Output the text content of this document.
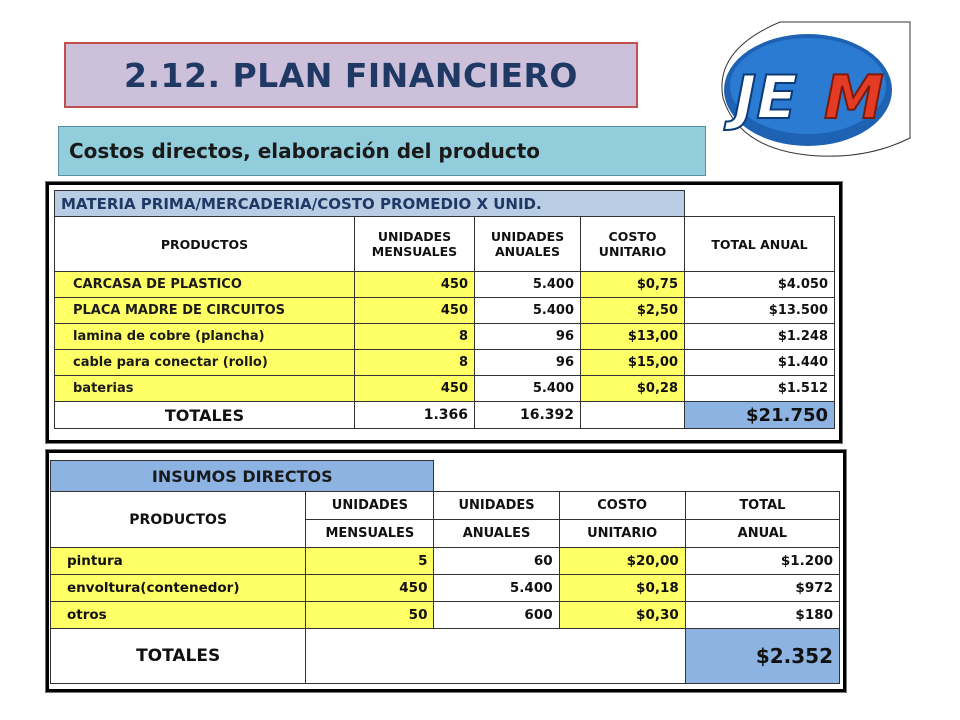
2.12. PLAN FINANCIERO
Costos directos, elaboración del producto
JE M
MATERIA PRIMA/MERCADERIA/COSTO PROMEDIO X UNID.				
PRODUCTOS	UNIDADES MENSUALES	UNIDADES ANUALES	COSTO UNITARIO	TOTAL ANUAL
CARCASA DE PLASTICO	450	5.400	$0,75	$4.050
PLACA MADRE DE CIRCUITOS	450	5.400	$2,50	$13.500
lamina de cobre (plancha)	8	96	$13,00	$1.248
cable para conectar (rollo)	8	96	$15,00	$1.440
baterias	450	5.400	$0,28	$1.512
TOTALES	1.366	16.392		$21.750
INSUMOS DIRECTOS				
PRODUCTOS	UNIDADES	UNIDADES	COSTO	TOTAL
	MENSUALES	ANUALES	UNITARIO	ANUAL
pintura	5	60	$20,00	$1.200
envoltura(contenedor)	450	5.400	$0,18	$972
otros	50	600	$0,30	$180
TOTALES				$2.352
